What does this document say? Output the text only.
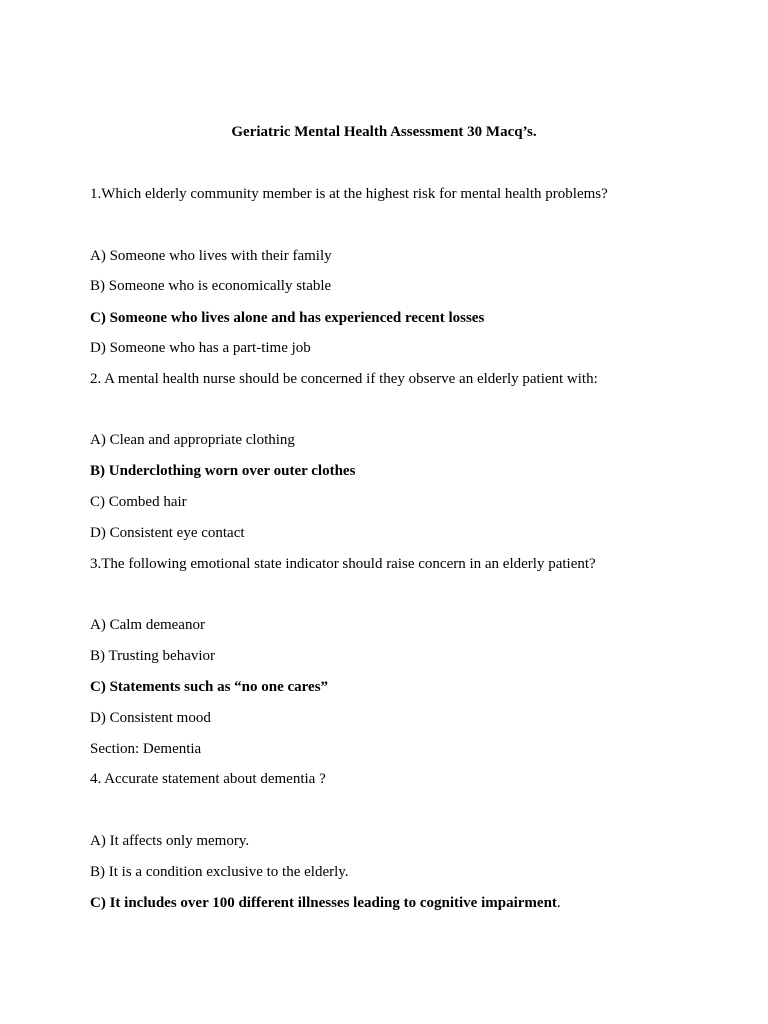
Geriatric Mental Health Assessment 30 Macq’s.
1.Which elderly community member is at the highest risk for mental health problems?
A) Someone who lives with their family
B) Someone who is economically stable
C) Someone who lives alone and has experienced recent losses
D) Someone who has a part-time job
2. A mental health nurse should be concerned if they observe an elderly patient with:
A) Clean and appropriate clothing
B) Underclothing worn over outer clothes
C) Combed hair
D) Consistent eye contact
3.The following emotional state indicator should raise concern in an elderly patient?
A) Calm demeanor
B) Trusting behavior
C) Statements such as “no one cares”
D) Consistent mood
Section: Dementia
4. Accurate statement about dementia ?
A) It affects only memory.
B) It is a condition exclusive to the elderly.
C) It includes over 100 different illnesses leading to cognitive impairment.
